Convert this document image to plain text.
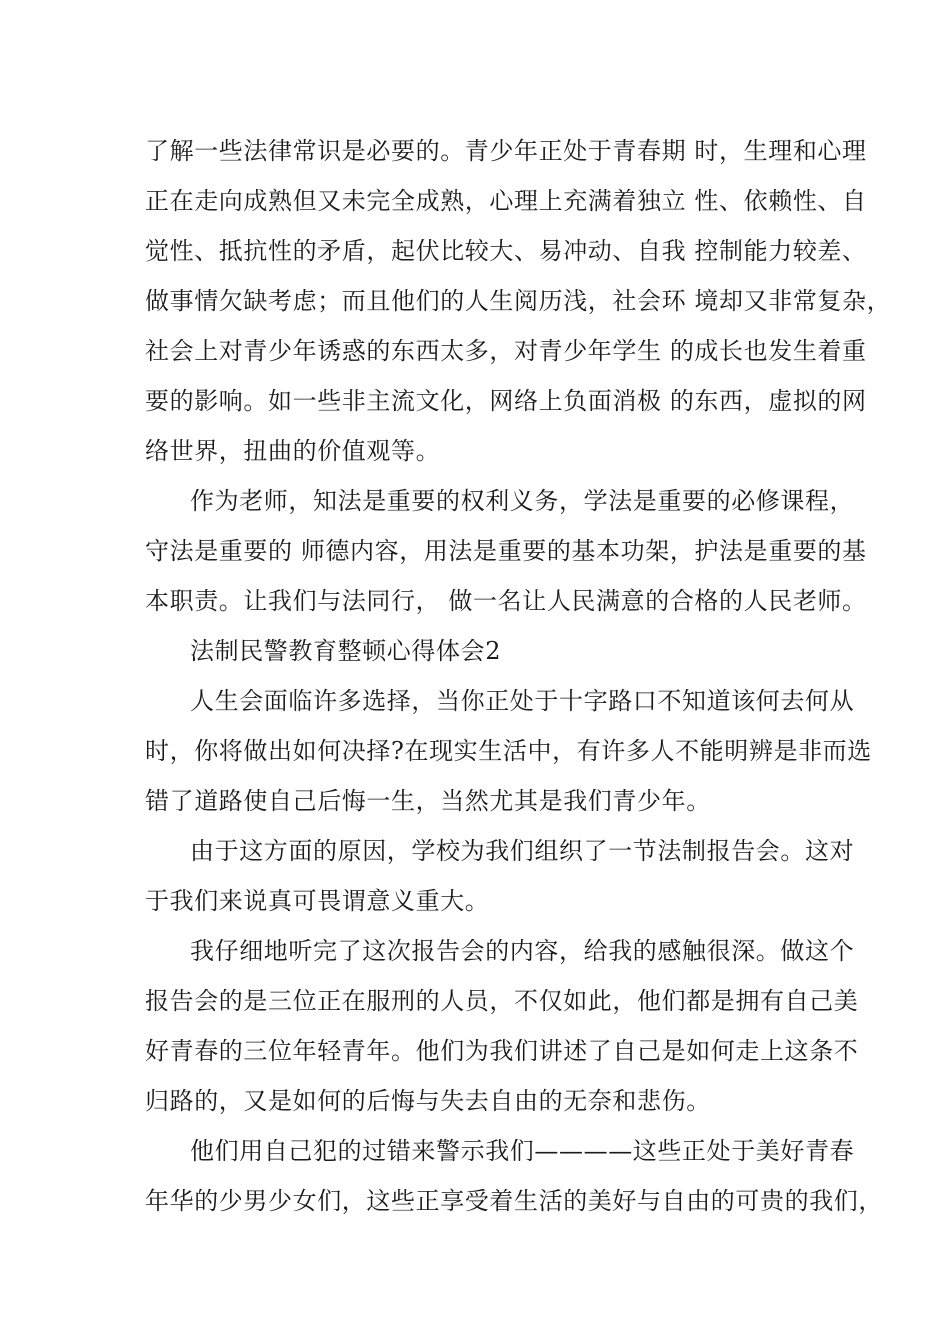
了解一些法律常识是必要的。青少年正处于青春期 时，生理和心理
正在走向成熟但又未完全成熟，心理上充满着独立 性、依赖性、自
觉性、抵抗性的矛盾，起伏比较大、易冲动、自我 控制能力较差、
做事情欠缺考虑；而且他们的人生阅历浅，社会环 境却又非常复杂，
社会上对青少年诱惑的东西太多，对青少年学生 的成长也发生着重
要的影响。如一些非主流文化，网络上负面消极 的东西，虚拟的网
络世界，扭曲的价值观等。
作为老师，知法是重要的权利义务，学法是重要的必修课程，
守法是重要的 师德内容，用法是重要的基本功架，护法是重要的基
本职责。让我们与法同行， 做一名让人民满意的合格的人民老师。
法制民警教育整顿心得体会2
人生会面临许多选择，当你正处于十字路口不知道该何去何从
时，你将做出如何决择?在现实生活中，有许多人不能明辨是非而选
错了道路使自己后悔一生，当然尤其是我们青少年。
由于这方面的原因，学校为我们组织了一节法制报告会。这对
于我们来说真可畏谓意义重大。
我仔细地听完了这次报告会的内容，给我的感触很深。做这个
报告会的是三位正在服刑的人员，不仅如此，他们都是拥有自己美
好青春的三位年轻青年。他们为我们讲述了自己是如何走上这条不
归路的，又是如何的后悔与失去自由的无奈和悲伤。
他们用自己犯的过错来警示我们————这些正处于美好青春
年华的少男少女们，这些正享受着生活的美好与自由的可贵的我们，
